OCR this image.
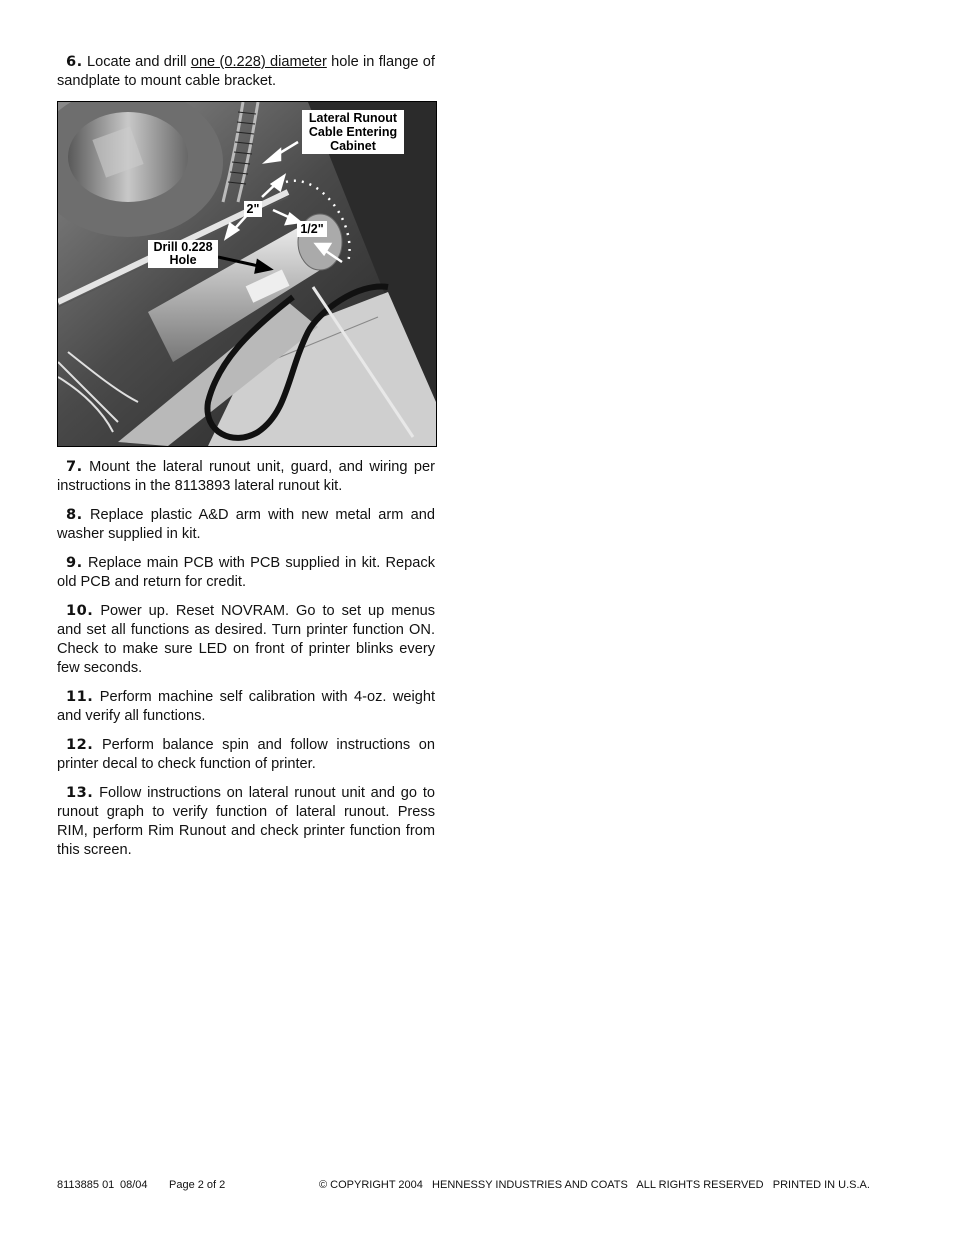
6. Locate and drill one (0.228) diameter hole in flange of sandplate to mount cable bracket.

Lateral Runout Cable Entering Cabinet
2"
1/2"
Drill 0.228 Hole

7. Mount the lateral runout unit, guard, and wiring per instructions in the 8113893 lateral runout kit.

8. Replace plastic A&D arm with new metal arm and washer supplied in kit.

9. Replace main PCB with PCB supplied in kit. Repack old PCB and return for credit.

10. Power up. Reset NOVRAM. Go to set up menus and set all functions as desired. Turn printer function ON. Check to make sure LED on front of printer blinks every few seconds.

11. Perform machine self calibration with 4-oz. weight and verify all functions.

12. Perform balance spin and follow instructions on printer decal to check function of printer.

13. Follow instructions on lateral runout unit and go to runout graph to verify function of lateral runout. Press RIM, perform Rim Runout and check printer function from this screen.

8113885 01 08/04 Page 2 of 2	© COPYRIGHT 2004   HENNESSY INDUSTRIES AND COATS   ALL RIGHTS RESERVED   PRINTED IN U.S.A.
